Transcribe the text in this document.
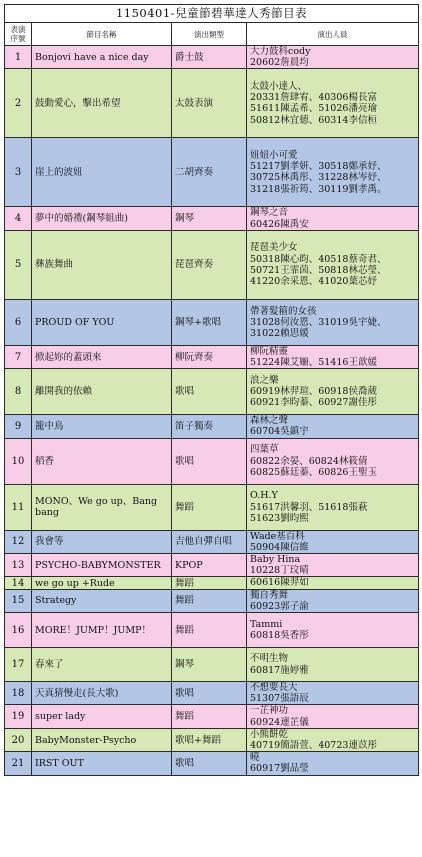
1150401-兒童節碧華達人秀節目表			
表演序號	節目名稱	演出類型	演出人員
1	Bonjovi have a nice day	爵士鼓	大力鼓科cody
20602詹晨均

2	鼓動愛心，擊出希望	太鼓表演	太鼓小達人、
20331詹肆宥、40306楊長富
51611陳孟希、51026潘亮瑜
50812林宜德、60314李信桓

3	崖上的波妞	二胡齊奏	妞妞小可愛
51217劉孝妍、30518鄭承妤、
30725林禹彤、31228林岑妤、
31218張祈筠、30119劉孝禹。

4	夢中的婚禮(鋼琴組曲)	鋼琴	鋼琴之音
60426陳禹安

5	彝族舞曲	琵琶齊奏	琵琶美少女
50318陳心昀、40518蔡奇君、
50721王霏茵、50818林芯瑩、
41220余采恩、41020葉芯妤

6	PROUD OF YOU	鋼琴+歌唱	帶著髮箍的女孩
31028何汝恩、31019吳宇婕、
31022賴思媛

7	掀起妳的蓋頭來	柳阮齊奏	柳阮精靈
51224陳艾姍、51416王歆媛

8	離開我的依賴	歌唱	浪之樂
60919林羿瑄、60918侯喬葳
60921李昀蓁、60927謝佳彤

9	籠中鳥	笛子獨奏	森林之聲
60704吳鎮宇

10	稻香	歌唱	四葉草
60822余晏、60824林筱倩
60825蘇廷蓁、60826王聖玉

11	MONO、We go up、Bang bang	舞蹈	O.H.Y
51617洪馨羽、51618張萩
51623劉昀熙

12	我會等	吉他自彈自唱	Wade基百科
50904陳信維

13	PSYCHO-BABYMONSTER	KPOP	Baby Hina
10228丁玟晴

14	we go up +Rude	舞蹈	60616陳羿如

15	Strategy	舞蹈	獨自秀舞
60923郭子渝

16	MORE！JUMP！JUMP！	舞蹈	Tammi
60818吳香彤

17	春來了	鋼琴	不明生物
60817施婷雅

18	天真猜慢走(長大歌)	歌唱	不想要長大
51307張語辰

19	super lady	舞蹈	一芷神功
60924連芷儀

20	BabyMonster-Psycho	歌唱+舞蹈	小熊餅乾
40719簡語萱、40723連苡彤

21	IRST OUT	歌唱	曉
60917劉品瑩
